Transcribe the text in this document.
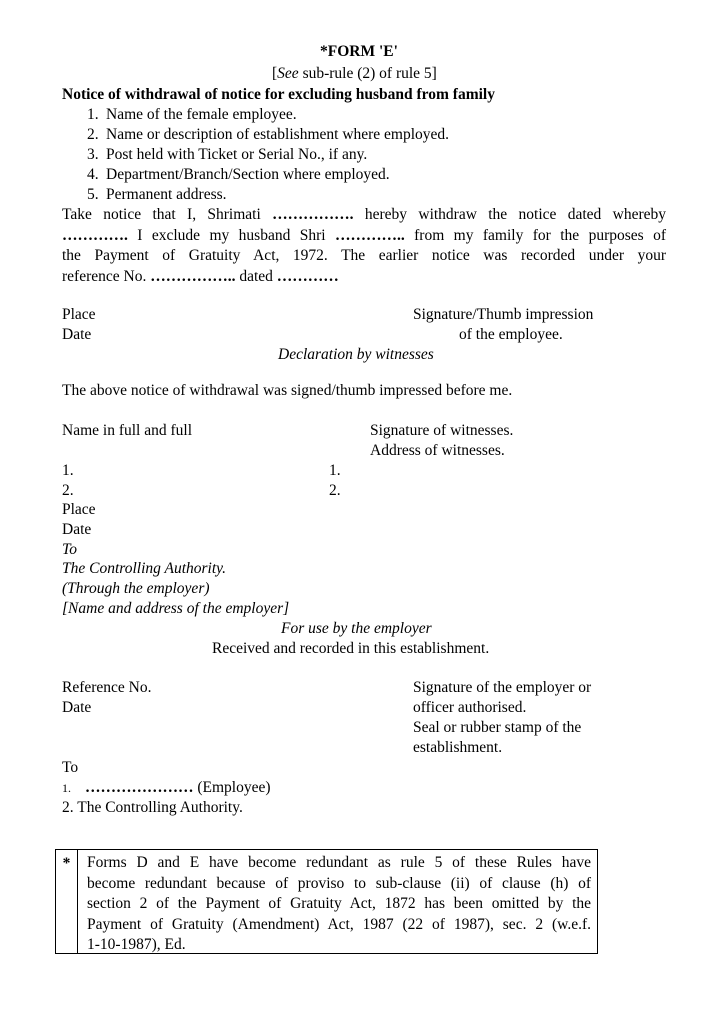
*FORM 'E'
[See sub-rule (2) of rule 5]
Notice of withdrawal of notice for excluding husband from family
1. Name of the female employee.
2. Name or description of establishment where employed.
3. Post held with Ticket or Serial No., if any.
4. Department/Branch/Section where employed.
5. Permanent address.
Take notice that I, Shrimati ……………. hereby withdraw the notice dated whereby
…………. I exclude my husband Shri ………….. from my family for the purposes of
the Payment of Gratuity Act, 1972. The earlier notice was recorded under your
reference No. …………….. dated …………
Place
Date
Signature/Thumb impression
of the employee.
Declaration by witnesses
The above notice of withdrawal was signed/thumb impressed before me.
Name in full and full	Signature of witnesses.
Address of witnesses.
1.
2.
1.
2.
Place
Date
To
The Controlling Authority.
(Through the employer)
[Name and address of the employer]
For use by the employer
Received and recorded in this establishment.
Reference No.
Date
Signature of the employer or
officer authorised.
Seal or rubber stamp of the
establishment.
To
1. ………………… (Employee)
2. The Controlling Authority.
*	Forms D and E have become redundant as rule 5 of these Rules have
become redundant because of proviso to sub-clause (ii) of clause (h) of
section 2 of the Payment of Gratuity Act, 1872 has been omitted by the
Payment of Gratuity (Amendment) Act, 1987 (22 of 1987), sec. 2 (w.e.f.
1-10-1987), Ed.
